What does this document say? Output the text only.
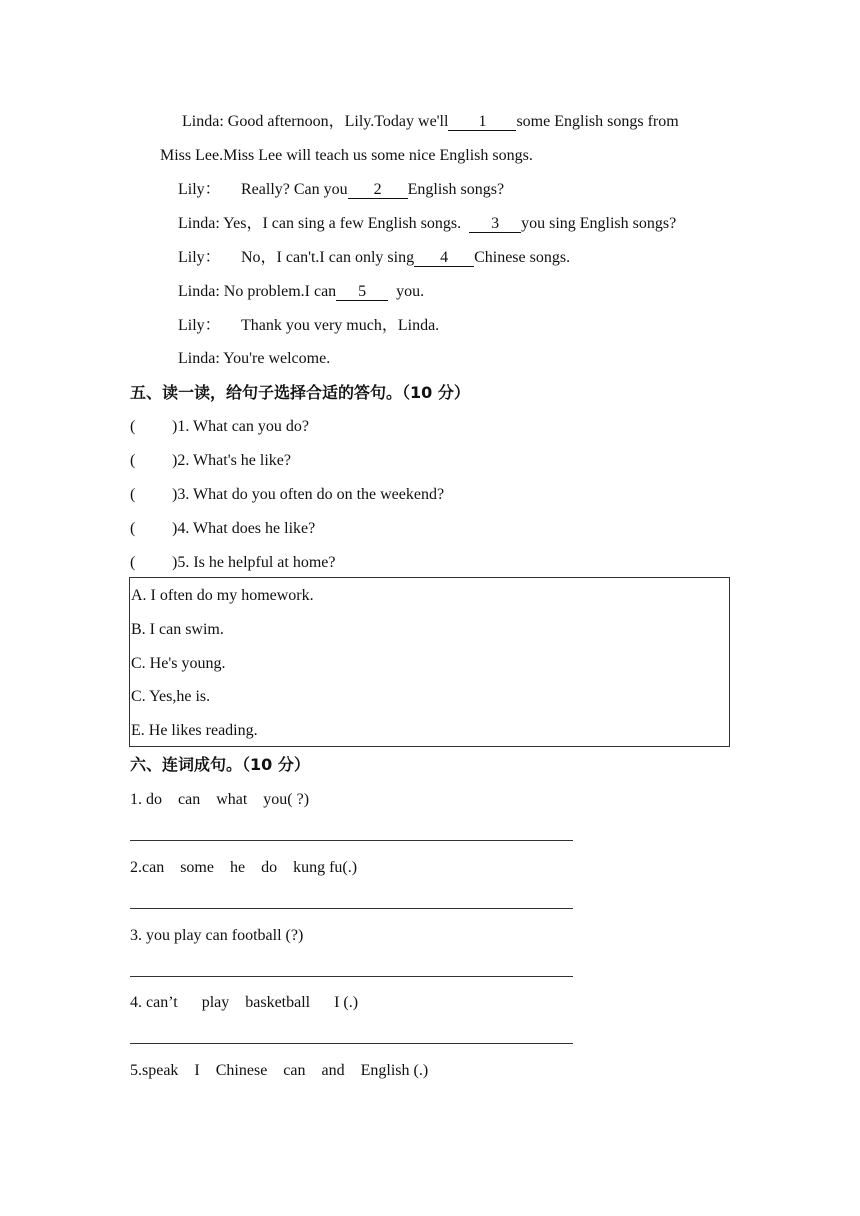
Linda: Good afternoon，Lily.Today we'll 1 some English songs from
Miss Lee.Miss Lee will teach us some nice English songs.
Lily： Really? Can you 2 English songs?
Linda: Yes，I can sing a few English songs. 3 you sing English songs?
Lily： No，I can't.I can only sing 4 Chinese songs.
Linda: No problem.I can 5 you.
Lily： Thank you very much，Linda.
Linda: You're welcome.
五、读一读，给句子选择合适的答句。（10 分）
( )1. What can you do?
( )2. What's he like?
( )3. What do you often do on the weekend?
( )4. What does he like?
( )5. Is he helpful at home?
A. I often do my homework.
B. I can swim.
C. He's young.
C. Yes,he is.
E. He likes reading.
六、连词成句。（10 分）
1. do    can    what    you( ?)
2.can    some    he    do    kung fu(.)
3. you play can football (?)
4. can’t      play    basketball      I (.)
5.speak    I    Chinese    can    and    English (.)
